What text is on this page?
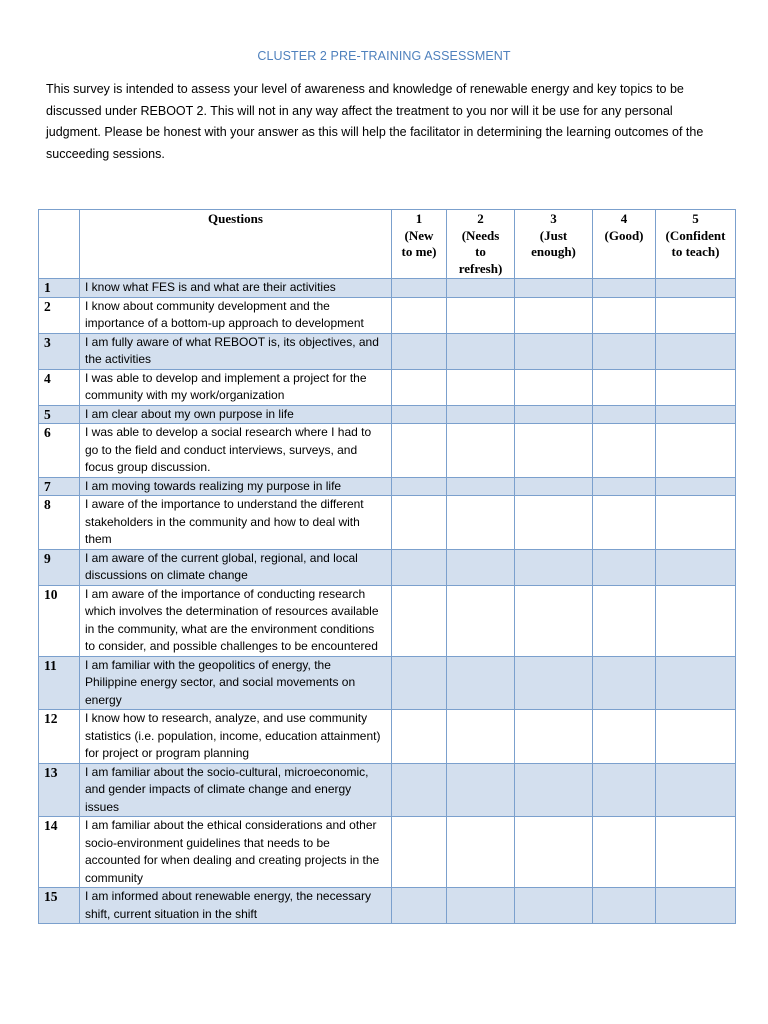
CLUSTER 2 PRE-TRAINING ASSESSMENT
This survey is intended to assess your level of awareness and knowledge of renewable energy and key topics to be
discussed under REBOOT 2. This will not in any way affect the treatment to you nor will it be use for any personal
judgment. Please be honest with your answer as this will help the facilitator in determining the learning outcomes of the
succeeding sessions.
	Questions	1
(New
to me)	2
(Needs
to
refresh)	3
(Just
enough)	4
(Good)	5
(Confident
to teach)

1	I know what FES is and what are their activities					
2	I know about community development and the importance of a bottom-up approach to development					
3	I am fully aware of what REBOOT is, its objectives, and the activities					
4	I was able to develop and implement a project for the community with my work/organization					
5	I am clear about my own purpose in life					
6	I was able to develop a social research where I had to go to the field and conduct interviews, surveys, and focus group discussion.					
7	I am moving towards realizing my purpose in life					
8	I aware of the importance to understand the different stakeholders in the community and how to deal with them					
9	I am aware of the current global, regional, and local discussions on climate change					
10	I am aware of the importance of conducting research which involves the determination of resources available in the community, what are the environment conditions to consider, and possible challenges to be encountered					
11	I am familiar with the geopolitics of energy, the Philippine energy sector, and social movements on energy					
12	I know how to research, analyze, and use community statistics (i.e. population, income, education attainment) for project or program planning					
13	I am familiar about the socio-cultural, microeconomic, and gender impacts of climate change and energy issues					
14	I am familiar about the ethical considerations and other socio-environment guidelines that needs to be accounted for when dealing and creating projects in the community					
15	I am informed about renewable energy, the necessary shift, current situation in the shift					
